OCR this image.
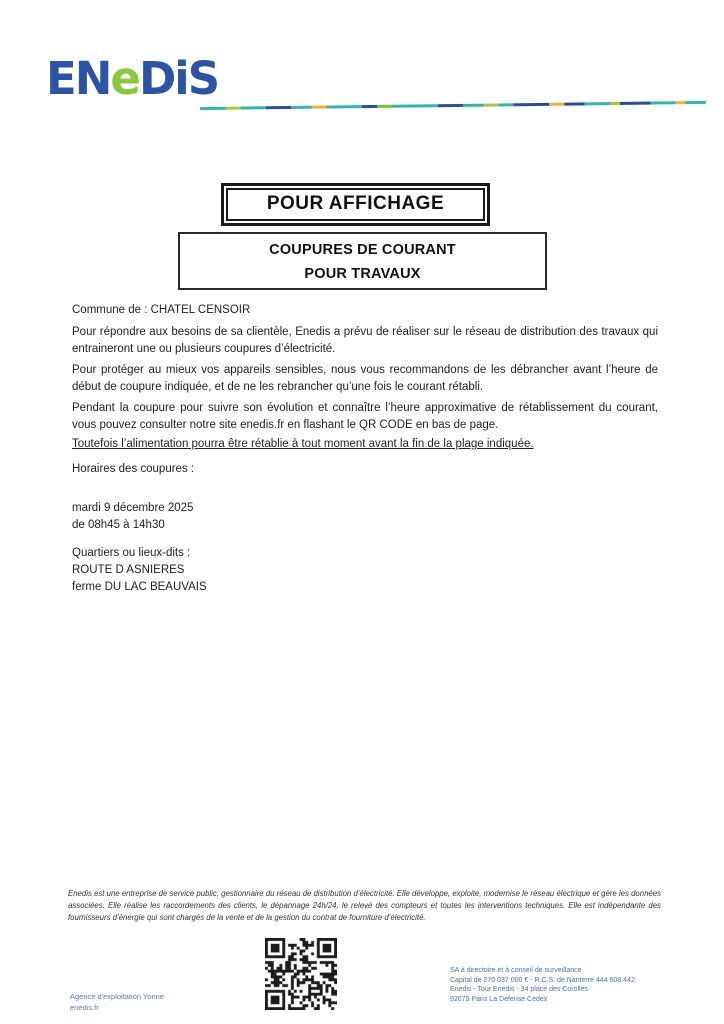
ENeDiS
POUR AFFICHAGE
COUPURES DE COURANT
POUR TRAVAUX

Commune de : CHATEL CENSOIR

Pour répondre aux besoins de sa clientèle, Enedis a prévu de réaliser sur le réseau de distribution des travaux qui entraineront une ou plusieurs coupures d’électricité.

Pour protéger au mieux vos appareils sensibles, nous vous recommandons de les débrancher avant l’heure de début de coupure indiquée, et de ne les rebrancher qu’une fois le courant rétabli.

Pendant la coupure pour suivre son évolution et connaître l’heure approximative de rétablissement du courant, vous pouvez consulter notre site enedis.fr en flashant le QR CODE en bas de page.

Toutefois l’alimentation pourra être rétablie à tout moment avant la fin de la plage indiquée.

Horaires des coupures :

mardi 9 décembre 2025

de 08h45 à 14h30

Quartiers ou lieux-dits :

ROUTE D ASNIERES

ferme DU LAC BEAUVAIS

Enedis est une entreprise de service public, gestionnaire du réseau de distribution d’électricité. Elle développe, exploite, modernise le réseau électrique et gère les données associées. Elle réalise les raccordements des clients, le dépannage 24h/24, le relevé des compteurs et toutes les interventions techniques. Elle est indépendante des fournisseurs d’énergie qui sont chargés de la vente et de la gestion du contrat de fourniture d’électricité.

Agence d'exploitation Yonne
enedis.fr
SA à directoire et à conseil de surveillance
Capital de 270 037 000 € - R.C.S. de Nanterre 444 608 442
Enedis - Tour Enedis - 34 place des Corolles
92079 Paris La Défense Cedex
